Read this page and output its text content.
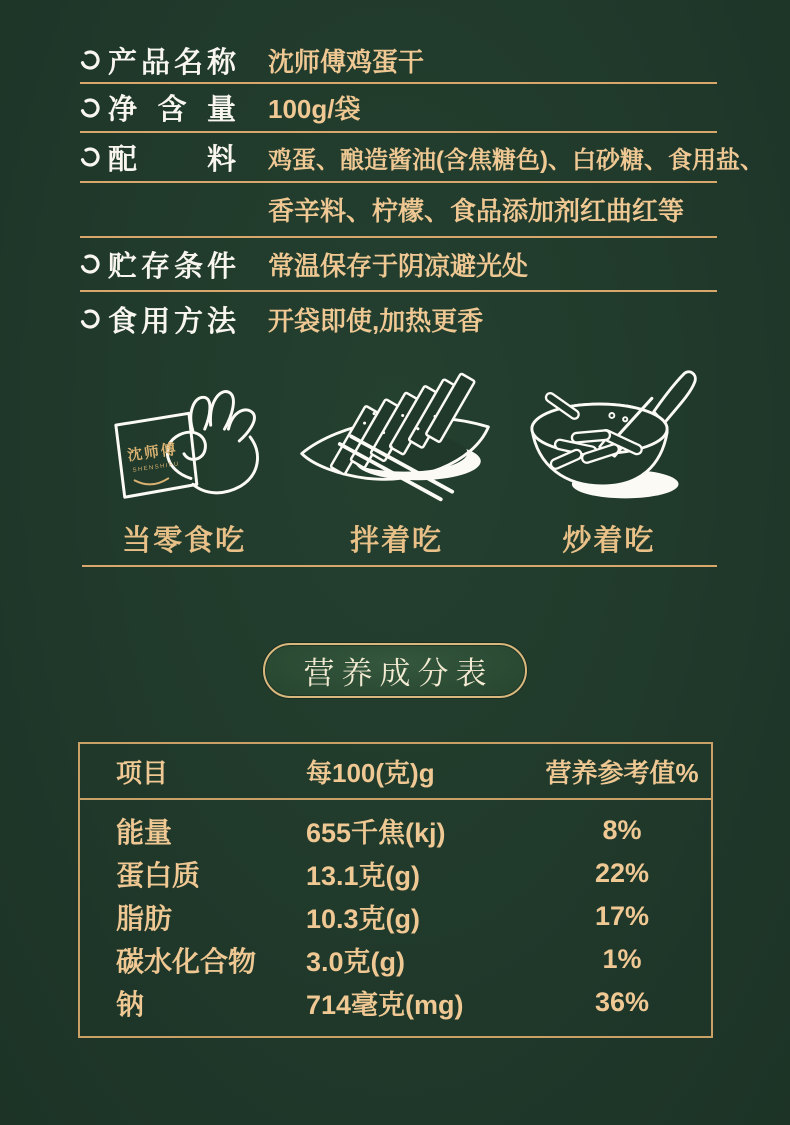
产品名称 沈师傅鸡蛋干
净含量 100g/袋
配料 鸡蛋、酿造酱油(含焦糖色)、白砂糖、食用盐、
香辛料、柠檬、食品添加剂红曲红等
贮存条件 常温保存于阴凉避光处
食用方法 开袋即使,加热更香
沈师傅
SHENSHIFU
当零食吃	拌着吃	炒着吃
营养成分表
项目	每100(克)g	营养参考值%
能量	655千焦(kj)	8%
蛋白质	13.1克(g)	22%
脂肪	10.3克(g)	17%
碳水化合物	3.0克(g)	1%
钠	714毫克(mg)	36%
